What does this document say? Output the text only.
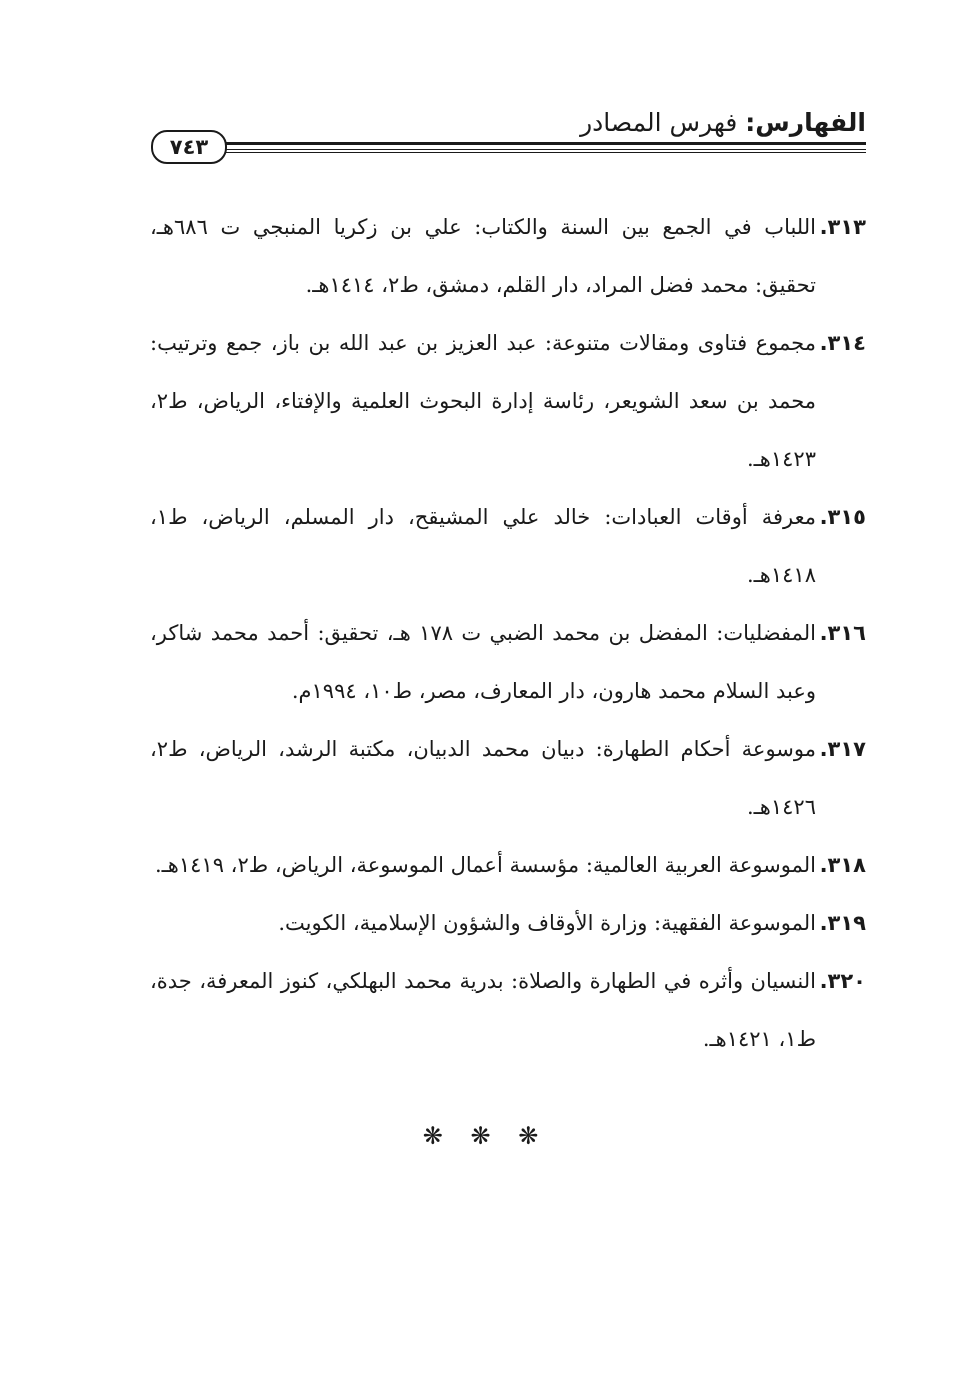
الفهارس: فهرس المصادر
٧٤٣
٣١٣.
اللباب في الجمع بين السنة والكتاب: علي بن زكريا المنبجي ت ٦٨٦هـ، تحقيق: محمد فضل المراد، دار القلم، دمشق، ط٢، ١٤١٤هـ.
٣١٤.
مجموع فتاوى ومقالات متنوعة: عبد العزيز بن عبد الله بن باز، جمع وترتيب: محمد بن سعد الشويعر، رئاسة إدارة البحوث العلمية والإفتاء، الرياض، ط٢، ١٤٢٣هـ.
٣١٥.
معرفة أوقات العبادات: خالد علي المشيقح، دار المسلم، الرياض، ط١، ١٤١٨هـ.
٣١٦.
المفضليات: المفضل بن محمد الضبي ت ١٧٨ هـ، تحقيق: أحمد محمد شاكر، وعبد السلام محمد هارون، دار المعارف، مصر، ط١٠، ١٩٩٤م.
٣١٧.
موسوعة أحكام الطهارة: دبيان محمد الدبيان، مكتبة الرشد، الرياض، ط٢، ١٤٢٦هـ.
٣١٨.
الموسوعة العربية العالمية: مؤسسة أعمال الموسوعة، الرياض، ط٢، ١٤١٩هـ.
٣١٩.
الموسوعة الفقهية: وزارة الأوقاف والشؤون الإسلامية، الكويت.
٣٢٠.
النسيان وأثره في الطهارة والصلاة: بدرية محمد البهلكي، كنوز المعرفة، جدة، ط١، ١٤٢١هـ.
❋ ❋ ❋
